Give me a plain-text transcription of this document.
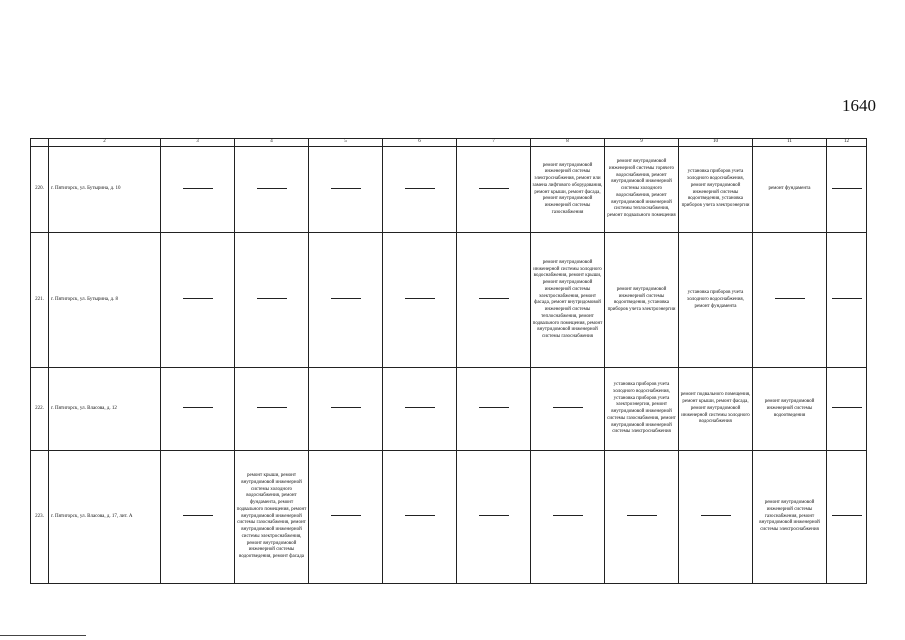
1640
	2	3	4	5	6	7	8	9	10	11	12
220.	г. Пятигорск, ул. Бутырина, д. 10						ремонт внутридомовой инженерной системы электроснабжения, ремонт или замена лифтового оборудования, ремонт крыши, ремонт фасада, ремонт внутридомовой инженерной системы газоснабжения	ремонт внутридомовой инженерной системы горячего водоснабжения, ремонт внутридомовой инженерной системы холодного водоснабжения, ремонт внутридомовой инженерной системы теплоснабжения, ремонт подвального помещения	установка приборов учета холодного водоснабжения, ремонт внутридомовой инженерной системы водоотведения, установка приборов учета электроэнергии	ремонт фундамента	
221.	г. Пятигорск, ул. Бутырина, д. 8						ремонт внутридомовой инженерной системы холодного водоснабжения, ремонт крыши, ремонт внутридомовой инженерной системы электроснабжения, ремонт фасада, ремонт внутридомовой инженерной системы теплоснабжения, ремонт подвального помещения, ремонт внутридомовой инженерной системы газоснабжения	ремонт внутридомовой инженерной системы водоотведения, установка приборов учета электроэнергии	установка приборов учета холодного водоснабжения, ремонт фундамента		
222.	г. Пятигорск, ул. Власова, д. 12							установка приборов учета холодного водоснабжения, установка приборов учета электроэнергии, ремонт внутридомовой инженерной системы газоснабжения, ремонт внутридомовой инженерной системы электроснабжения	ремонт подвального помещения, ремонт крыши, ремонт фасада, ремонт внутридомовой инженерной системы холодного водоснабжения	ремонт внутридомовой инженерной системы водоотведения	
223.	г. Пятигорск, ул. Власова, д. 17, лит. А		ремонт крыши, ремонт внутридомовой инженерной системы холодного водоснабжения, ремонт фундамента, ремонт подвального помещения, ремонт внутридомовой инженерной системы газоснабжения, ремонт внутридомовой инженерной системы электроснабжения, ремонт внутридомовой инженерной системы водоотведения, ремонт фасада							ремонт внутридомовой инженерной системы газоснабжения, ремонт внутридомовой инженерной системы электроснабжения	
